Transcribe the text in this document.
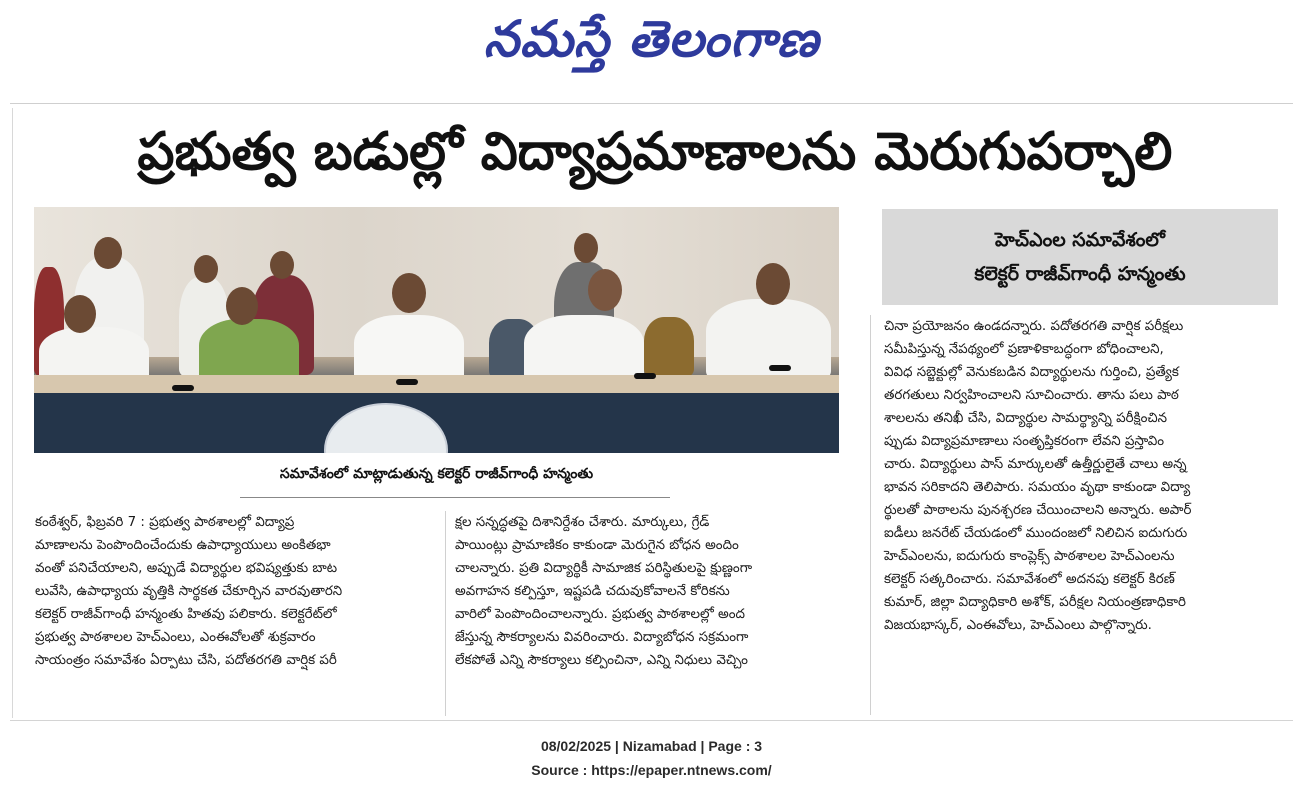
నమస్తే తెలంగాణ
ప్రభుత్వ బడుల్లో విద్యాప్రమాణాలను మెరుగుపర్చాలి
సమావేశంలో మాట్లాడుతున్న కలెక్టర్ రాజీవ్‌గాంధీ హన్మంతు
హెచ్‌ఎంల సమావేశంలో
కలెక్టర్ రాజీవ్‌గాంధీ హన్మంతు
కంఠేశ్వర్, ఫిబ్రవరి 7 : ప్రభుత్వ పాఠశాలల్లో విద్యాప్ర
మాణాలను పెంపొందించేందుకు ఉపాధ్యాయులు అంకితభా
వంతో పనిచేయాలని, అప్పుడే విద్యార్థుల భవిష్యత్తుకు బాట
లువేసి, ఉపాధ్యాయ వృత్తికి సార్థకత చేకూర్చిన వారవుతారని
కలెక్టర్ రాజీవ్‌గాంధీ హన్మంతు హితవు పలికారు. కలెక్టరేట్‌లో
ప్రభుత్వ పాఠశాలల హెచ్‌ఎంలు, ఎంఈవోలతో శుక్రవారం
సాయంత్రం సమావేశం ఏర్పాటు చేసి, పదోతరగతి వార్షిక పరీ
క్షల సన్నద్ధతపై దిశానిర్దేశం చేశారు. మార్కులు, గ్రేడ్
పాయింట్లు ప్రామాణికం కాకుండా మెరుగైన బోధన అందిం
చాలన్నారు. ప్రతి విద్యార్థికీ సామాజిక పరిస్థితులపై క్షుణ్ణంగా
అవగాహన కల్పిస్తూ, ఇష్టపడి చదువుకోవాలనే కోరికను
వారిలో పెంపొందించాలన్నారు. ప్రభుత్వ పాఠశాలల్లో అంద
జేస్తున్న సౌకర్యాలను వివరించారు. విద్యాబోధన సక్రమంగా
లేకపోతే ఎన్ని సౌకర్యాలు కల్పించినా, ఎన్ని నిధులు వెచ్చిం
చినా ప్రయోజనం ఉండదన్నారు. పదోతరగతి వార్షిక పరీక్షలు
సమీపిస్తున్న నేపథ్యంలో ప్రణాళికాబద్ధంగా బోధించాలని,
వివిధ సబ్జెక్టుల్లో వెనుకబడిన విద్యార్థులను గుర్తించి, ప్రత్యేక
తరగతులు నిర్వహించాలని సూచించారు. తాను పలు పాఠ
శాలలను తనిఖీ చేసి, విద్యార్థుల సామర్థ్యాన్ని పరీక్షించిన
ప్పుడు విద్యాప్రమాణాలు సంతృప్తికరంగా లేవని ప్రస్తావిం
చారు. విద్యార్థులు పాస్ మార్కులతో ఉత్తీర్ణులైతే చాలు అన్న
భావన సరికాదని తెలిపారు. సమయం వృథా కాకుండా విద్యా
ర్థులతో పాఠాలను పునశ్చరణ చేయించాలని అన్నారు. అపార్
ఐడీలు జనరేట్ చేయడంలో ముందంజలో నిలిచిన ఐదుగురు
హెచ్‌ఎంలను, ఐదుగురు కాంప్లెక్స్ పాఠశాలల హెచ్‌ఎంలను
కలెక్టర్ సత్కరించారు. సమావేశంలో అదనపు కలెక్టర్ కిరణ్
కుమార్, జిల్లా విద్యాధికారి అశోక్, పరీక్షల నియంత్రణాధికారి
విజయభాస్కర్, ఎంఈవోలు, హెచ్‌ఎంలు పాల్గొన్నారు.
08/02/2025 | Nizamabad | Page : 3
Source : https://epaper.ntnews.com/
